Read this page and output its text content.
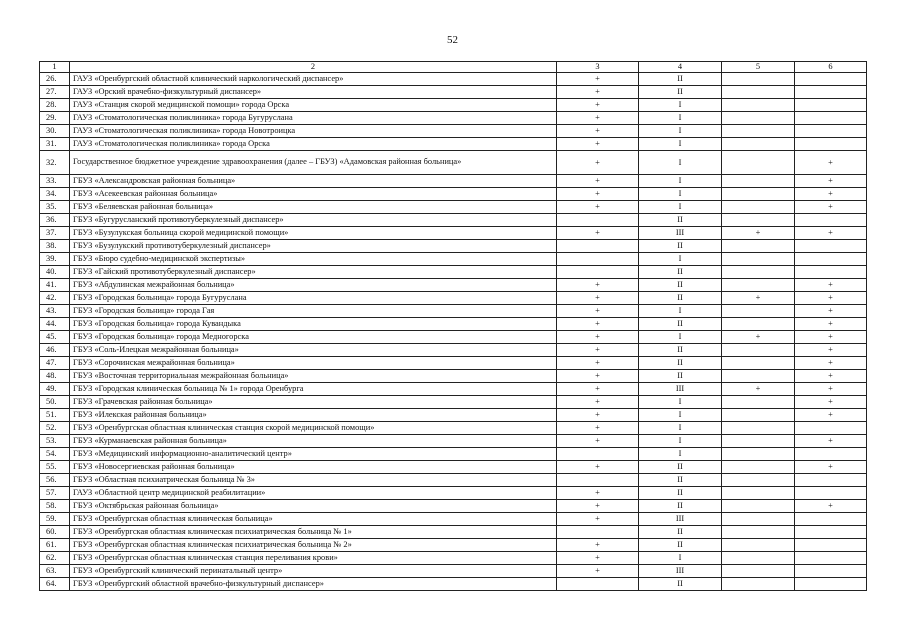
52
1	2	3	4	5	6
26.	ГАУЗ «Оренбургский областной клинический наркологический диспансер»	+	II		
27.	ГАУЗ «Орский врачебно-физкультурный диспансер»	+	II		
28.	ГАУЗ «Станция скорой медицинской помощи» города Орска	+	I		
29.	ГАУЗ «Стоматологическая поликлиника» города Бугуруслана	+	I		
30.	ГАУЗ «Стоматологическая поликлиника» города Новотроицка	+	I		
31.	ГАУЗ «Стоматологическая поликлиника» города Орска	+	I		
32.	Государственное бюджетное учреждение здравоохранения (далее – ГБУЗ) «Адамовская районная больница»	+	I		+
33.	ГБУЗ «Александровская районная больница»	+	I		+
34.	ГБУЗ «Асекеевская районная больница»	+	I		+
35.	ГБУЗ «Беляевская районная больница»	+	I		+
36.	ГБУЗ «Бугурусланский противотуберкулезный диспансер»		II		
37.	ГБУЗ «Бузулукская больница скорой медицинской помощи»	+	III	+	+
38.	ГБУЗ «Бузулукский противотуберкулезный диспансер»		II		
39.	ГБУЗ «Бюро судебно-медицинской экспертизы»		I		
40.	ГБУЗ «Гайский противотуберкулезный диспансер»		II		
41.	ГБУЗ «Абдулинская межрайонная больница»	+	II		+
42.	ГБУЗ «Городская больница» города Бугуруслана	+	II	+	+
43.	ГБУЗ «Городская больница» города Гая	+	I		+
44.	ГБУЗ «Городская больница» города Кувандыка	+	II		+
45.	ГБУЗ «Городская больница» города Медногорска	+	I	+	+
46.	ГБУЗ «Соль-Илецкая межрайонная больница»	+	II		+
47.	ГБУЗ «Сорочинская межрайонная больница»	+	II		+
48.	ГБУЗ «Восточная территориальная межрайонная больница»	+	II		+
49.	ГБУЗ «Городская клиническая больница № 1» города Оренбурга	+	III	+	+
50.	ГБУЗ «Грачевская районная больница»	+	I		+
51.	ГБУЗ «Илекская районная больница»	+	I		+
52.	ГБУЗ «Оренбургская областная клиническая станция скорой медицинской помощи»	+	I		
53.	ГБУЗ «Курманаевская районная больница»	+	I		+
54.	ГБУЗ «Медицинский информационно-аналитический центр»		I		
55.	ГБУЗ «Новосергиевская районная больница»	+	II		+
56.	ГБУЗ «Областная психиатрическая больница № 3»		II		
57.	ГАУЗ «Областной центр медицинской реабилитации»	+	II		
58.	ГБУЗ «Октябрьская районная больница»	+	II		+
59.	ГБУЗ «Оренбургская областная клиническая больница»	+	III		
60.	ГБУЗ «Оренбургская областная клиническая психиатрическая больница № 1»		II		
61.	ГБУЗ «Оренбургская областная клиническая психиатрическая больница № 2»	+	II		
62.	ГБУЗ «Оренбургская областная клиническая станция переливания крови»	+	I		
63.	ГБУЗ «Оренбургский клинический перинатальный центр»	+	III		
64.	ГБУЗ «Оренбургский областной врачебно-физкультурный диспансер»		II		
